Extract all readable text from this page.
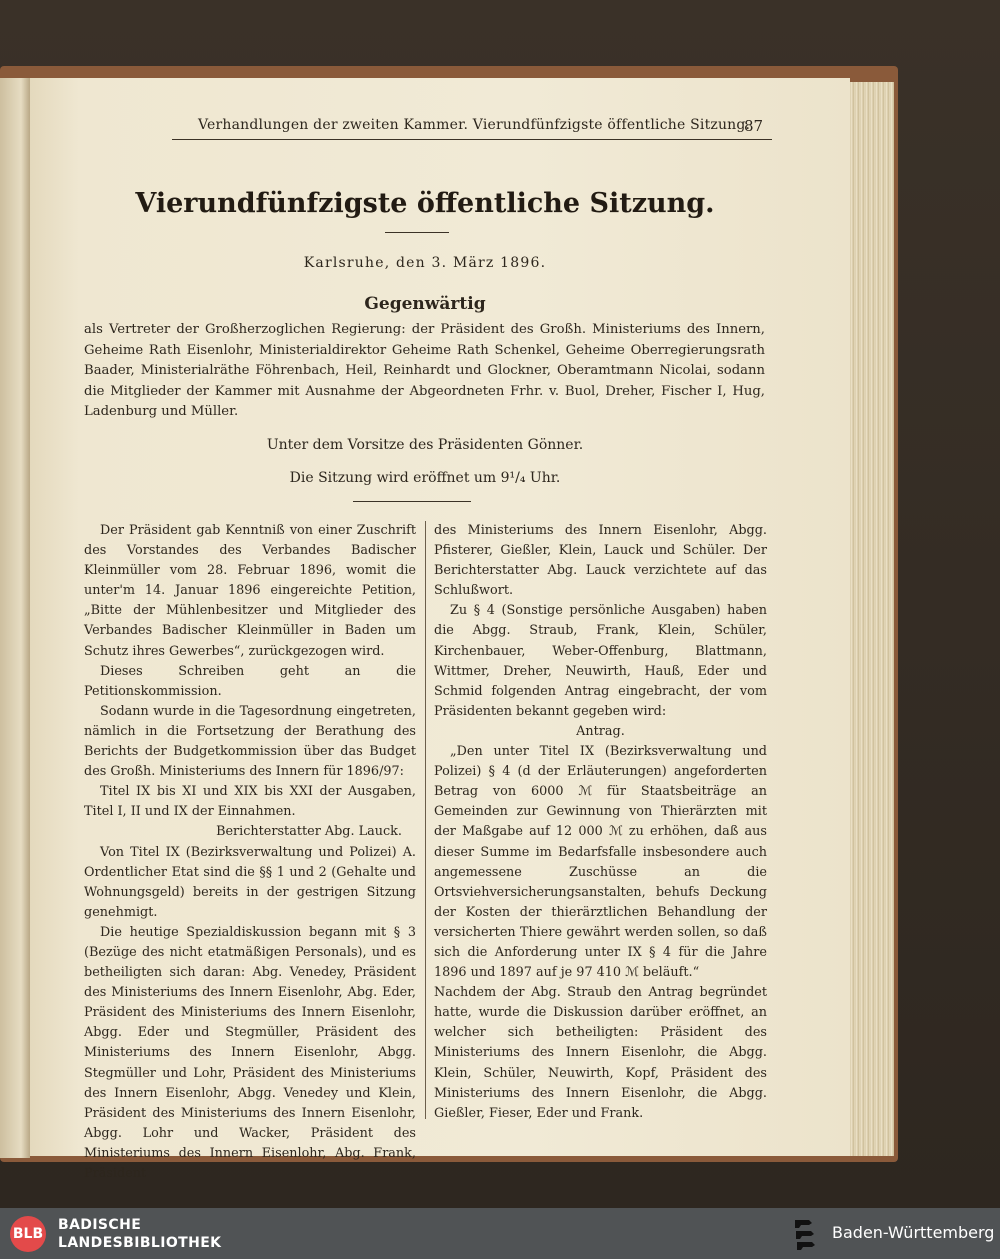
Verhandlungen der zweiten Kammer. Vierundfünfzigste öffentliche Sitzung.
87
Vierundfünfzigste öffentliche Sitzung.
Karlsruhe, den 3. März 1896.
Gegenwärtig
als Vertreter der Großherzoglichen Regierung: der Präsident des Großh. Ministeriums des Innern, Geheime Rath Eisenlohr, Ministerialdirektor Geheime Rath Schenkel, Geheime Oberregierungsrath Baader, Ministerialräthe Föhrenbach, Heil, Reinhardt und Glockner, Oberamtmann Nicolai, sodann die Mitglieder der Kammer mit Ausnahme der Abgeordneten Frhr. v. Buol, Dreher, Fischer I, Hug, Ladenburg und Müller.
Unter dem Vorsitze des Präsidenten Gönner.
Die Sitzung wird eröffnet um 9¹/₄ Uhr.

Der Präsident gab Kenntniß von einer Zuschrift des Vorstandes des Verbandes Badischer Kleinmüller vom 28. Februar 1896, womit die unter'm 14. Januar 1896 eingereichte Petition, „Bitte der Mühlenbesitzer und Mitglieder des Verbandes Badischer Kleinmüller in Baden um Schutz ihres Gewerbes“, zurückgezogen wird.

Dieses Schreiben geht an die Petitionskommission.

Sodann wurde in die Tagesordnung eingetreten, nämlich in die Fortsetzung der Berathung des Berichts der Budgetkommission über das Budget des Großh. Ministeriums des Innern für 1896/97:

Titel IX bis XI und XIX bis XXI der Ausgaben, Titel I, II und IX der Einnahmen.

Berichterstatter Abg. Lauck.

Von Titel IX (Bezirksverwaltung und Polizei) A. Ordentlicher Etat sind die §§ 1 und 2 (Gehalte und Wohnungsgeld) bereits in der gestrigen Sitzung genehmigt.

Die heutige Spezialdiskussion begann mit § 3 (Bezüge des nicht etatmäßigen Personals), und es betheiligten sich daran: Abg. Venedey, Präsident des Ministeriums des Innern Eisenlohr, Abg. Eder, Präsident des Ministeriums des Innern Eisenlohr, Abgg. Eder und Stegmüller, Präsident des Ministeriums des Innern Eisenlohr, Abgg. Stegmüller und Lohr, Präsident des Ministeriums des Innern Eisenlohr, Abgg. Venedey und Klein, Präsident des Ministeriums des Innern Eisenlohr, Abgg. Lohr und Wacker, Präsident des Ministeriums des Innern Eisenlohr, Abg. Frank, Präsident

des Ministeriums des Innern Eisenlohr, Abgg. Pfisterer, Gießler, Klein, Lauck und Schüler. Der Berichterstatter Abg. Lauck verzichtete auf das Schlußwort.

Zu § 4 (Sonstige persönliche Ausgaben) haben die Abgg. Straub, Frank, Klein, Schüler, Kirchenbauer, Weber-Offenburg, Blattmann, Wittmer, Dreher, Neuwirth, Hauß, Eder und Schmid folgenden Antrag eingebracht, der vom Präsidenten bekannt gegeben wird:

Antrag.

„Den unter Titel IX (Bezirksverwaltung und Polizei) § 4 (d der Erläuterungen) angeforderten Betrag von 6000 ℳ für Staatsbeiträge an Gemeinden zur Gewinnung von Thierärzten mit der Maßgabe auf 12 000 ℳ zu erhöhen, daß aus dieser Summe im Bedarfsfalle insbesondere auch angemessene Zuschüsse an die Ortsviehversicherungsanstalten, behufs Deckung der Kosten der thierärztlichen Behandlung der versicherten Thiere gewährt werden sollen, so daß sich die Anforderung unter IX § 4 für die Jahre 1896 und 1897 auf je 97 410 ℳ beläuft.“

Nachdem der Abg. Straub den Antrag begründet hatte, wurde die Diskussion darüber eröffnet, an welcher sich betheiligten: Präsident des Ministeriums des Innern Eisenlohr, die Abgg. Klein, Schüler, Neuwirth, Kopf, Präsident des Ministeriums des Innern Eisenlohr, die Abgg. Gießler, Fieser, Eder und Frank.

BLB
BADISCHE
LANDESBIBLIOTHEK
Baden-Württemberg
